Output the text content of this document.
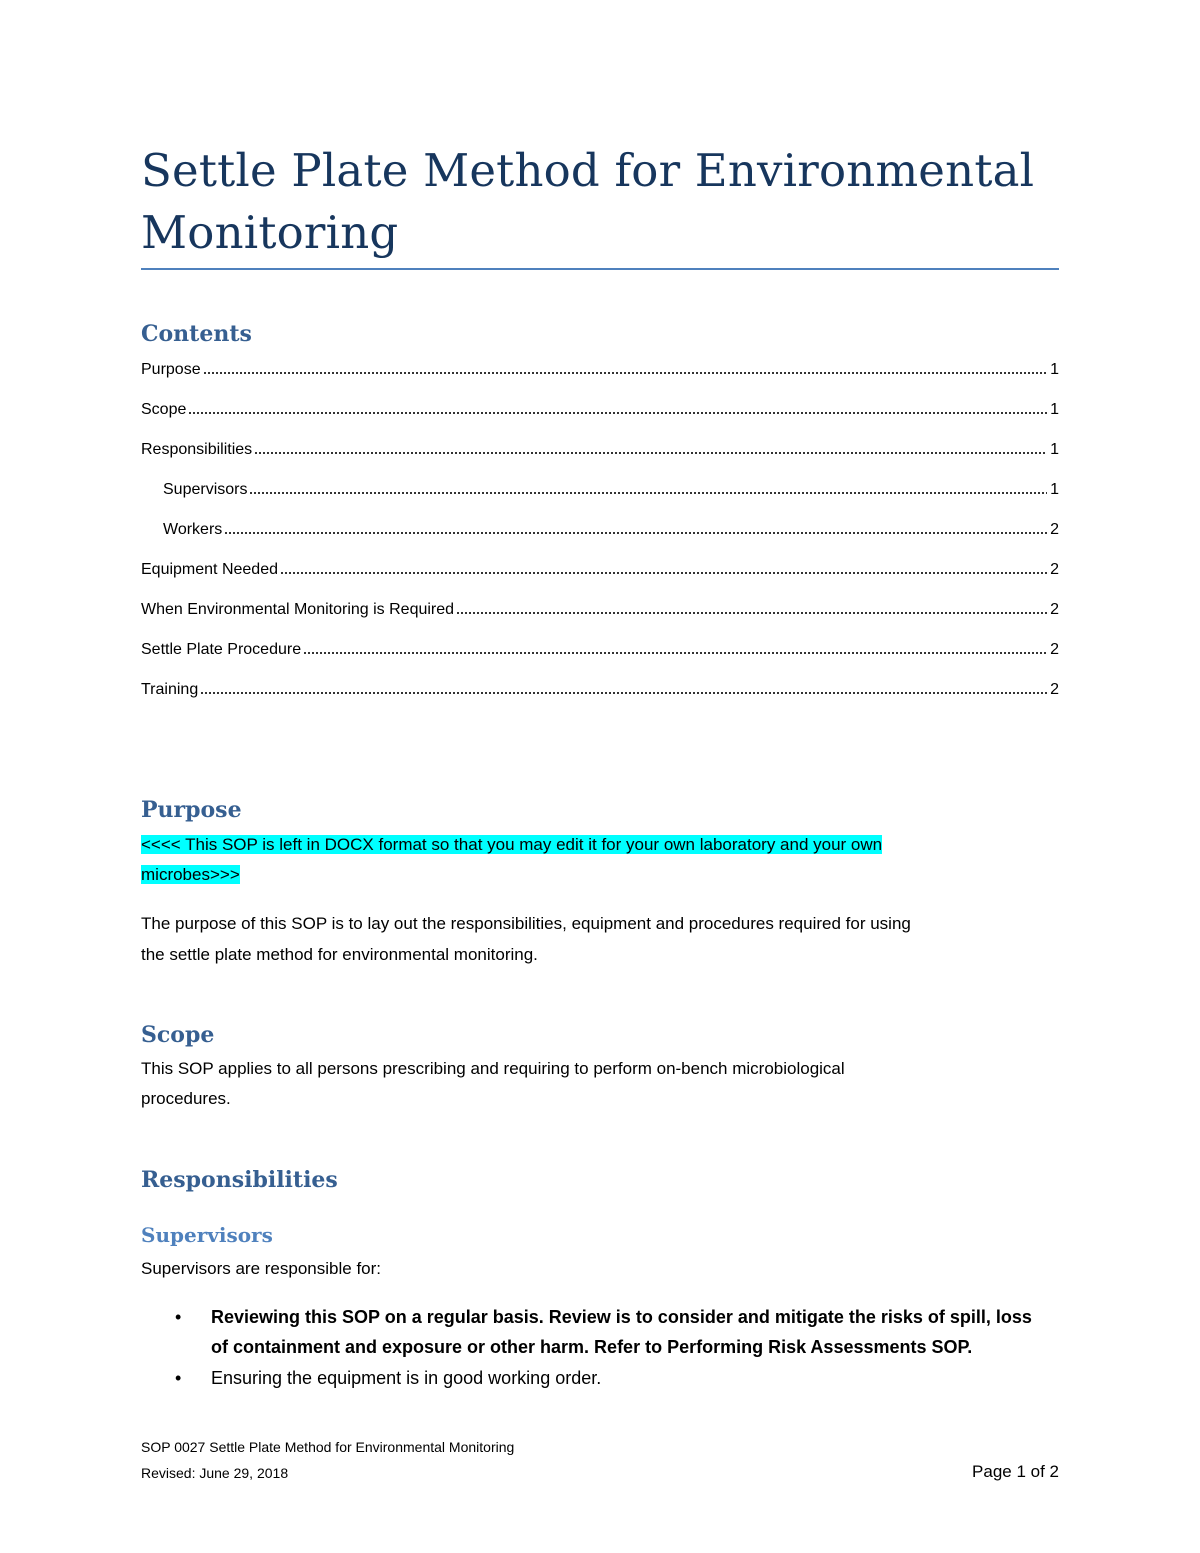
Settle Plate Method for Environmental Monitoring
Contents
Purpose	1
Scope	1
Responsibilities	1
Supervisors	1
Workers	2
Equipment Needed	2
When Environmental Monitoring is Required	2
Settle Plate Procedure	2
Training	2
Purpose
<<<< This SOP is left in DOCX format so that you may edit it for your own laboratory and your own
microbes>>>
The purpose of this SOP is to lay out the responsibilities, equipment and procedures required for using
the settle plate method for environmental monitoring.
Scope
This SOP applies to all persons prescribing and requiring to perform on-bench microbiological
procedures.
Responsibilities
Supervisors
Supervisors are responsible for:
• Reviewing this SOP on a regular basis. Review is to consider and mitigate the risks of spill, loss
of containment and exposure or other harm. Refer to Performing Risk Assessments SOP.
• Ensuring the equipment is in good working order.
SOP 0027 Settle Plate Method for Environmental Monitoring
Revised: June 29, 2018	Page 1 of 2
